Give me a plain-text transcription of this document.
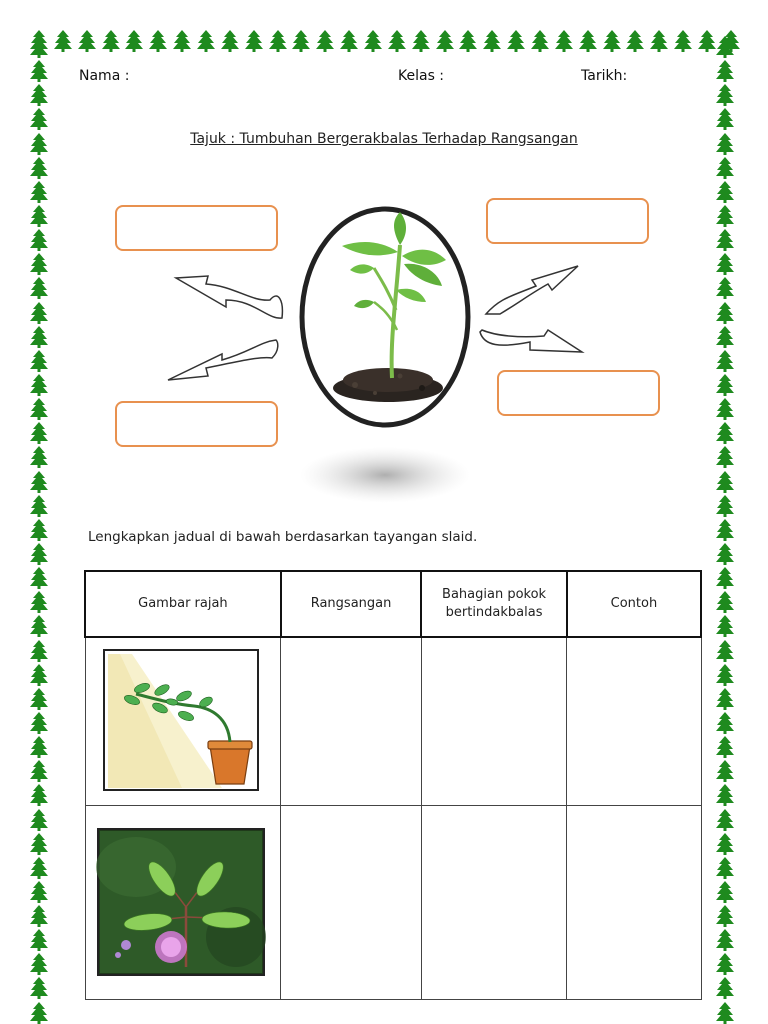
Nama :	Kelas :	Tarikh:
Tajuk : Tumbuhan Bergerakbalas Terhadap Rangsangan
Lengkapkan jadual di bawah berdasarkan tayangan slaid.
Gambar rajah	Rangsangan	Bahagian pokok bertindakbalas	Contoh
